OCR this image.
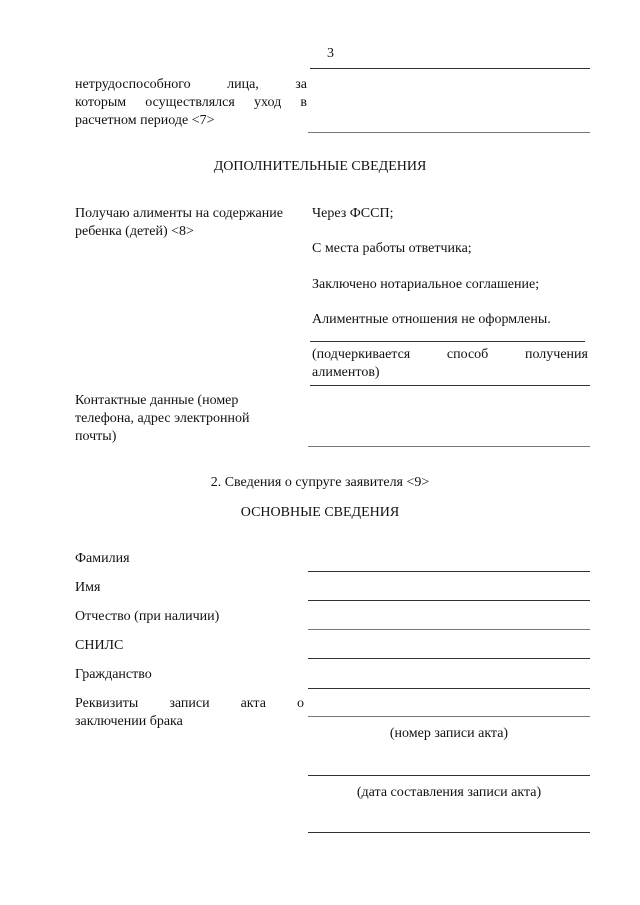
3
нетрудоспособного	лица,	за
которым осуществлялся уход в
расчетном периоде <7>
ДОПОЛНИТЕЛЬНЫЕ СВЕДЕНИЯ
Получаю алименты на содержание
ребенка (детей) <8>
Через ФССП;
С места работы ответчика;
Заключено нотариальное соглашение;
Алиментные отношения не оформлены.
(подчеркивается	способ	получения
алиментов)
Контактные данные (номер телефона, адрес электронной почты)
2. Сведения о супруге заявителя <9>
ОСНОВНЫЕ СВЕДЕНИЯ
Фамилия
Имя
Отчество (при наличии)
СНИЛС
Гражданство
Реквизиты записи акта о
заключении брака
(номер записи акта)
(дата составления записи акта)
